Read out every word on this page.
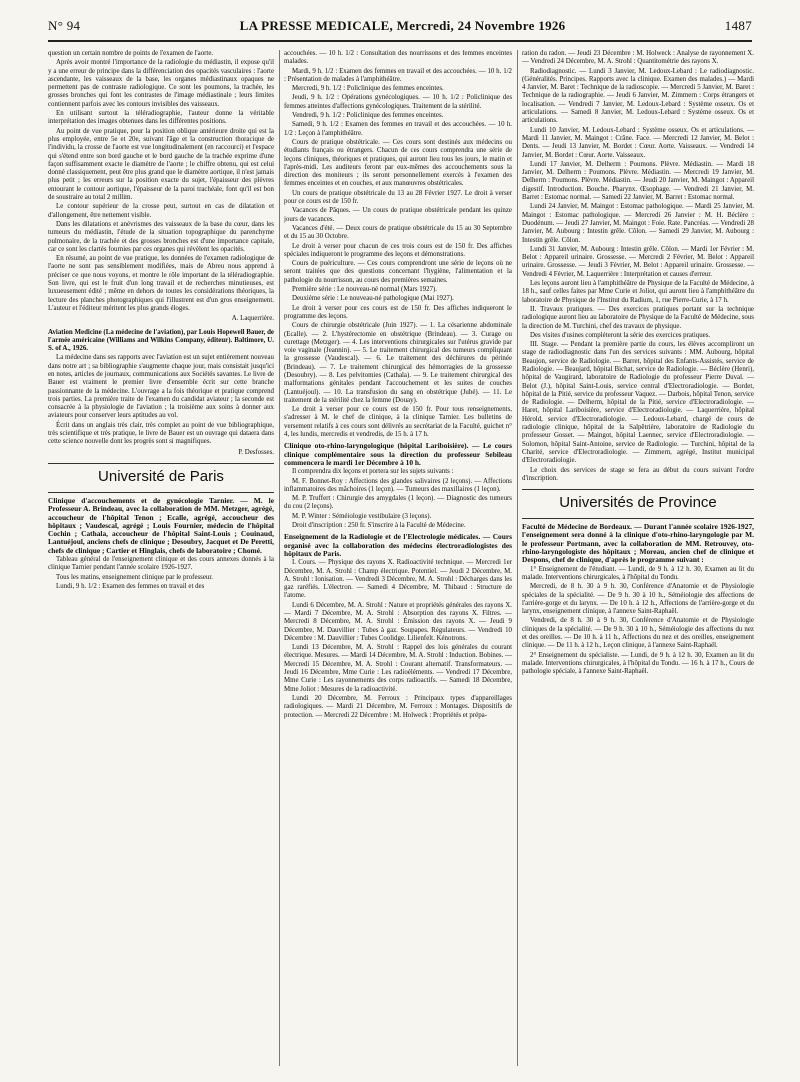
N° 94	LA PRESSE MEDICALE, Mercredi, 24 Novembre 1926	1487

question un certain nombre de points de l'examen de l'aorte.

Après avoir montré l'importance de la radiologie du médiastin, il expose qu'il y a une erreur de principe dans la différenciation des opacités vasculaires : l'aorte ascendante, les vaisseaux de la base, les organes médiastinaux opaques ne permettent pas de contraste radiologique. Ce sont les poumons, la trachée, les grosses bronches qui font les contrastes de l'image médiastinale ; leurs limites contiennent parfois avec les contours invisibles des vaisseaux.

En utilisant surtout la téléradiographie, l'auteur donne la véritable interprétation des images obtenues dans les différentes positions.

Au point de vue pratique, pour la position oblique antérieure droite qui est la plus employée, entre 5e et 20e, suivant l'âge et la construction thoracique de l'individu, la crosse de l'aorte est vue longitudinalement (en raccourci) et l'espace qui s'étend entre son bord gauche et le bord gauche de la trachée exprime d'une façon suffisamment exacte le diamètre de l'aorte ; le chiffre obtenu, qui est celui donné classiquement, peut être plus grand que le diamètre aortique, il n'est jamais plus petit ; les erreurs sur la position exacte du sujet, l'épaisseur des plèvres entourant le contour aortique, l'épaisseur de la paroi trachéale, font qu'il est bon de soustraire au total 2 millim.

Le contour supérieur de la crosse peut, surtout en cas de dilatation et d'allongement, être nettement visible.

Dans les dilatations et anévrismes des vaisseaux de la base du cœur, dans les tumeurs du médiastin, l'étude de la situation topographique du parenchyme pulmonaire, de la trachée et des grosses bronches est d'une importance capitale, car ce sont les clartés fournies par ces organes qui révèlent les opacités.

En résumé, au point de vue pratique, les données de l'examen radiologique de l'aorte ne sont pas sensiblement modifiées, mais de Abreu nous apprend à préciser ce que nous voyons, et montre le rôle important de la téléradiographie. Son livre, qui est le fruit d'un long travail et de recherches minutieuses, est luxueusement édité ; même en dehors de toutes les considérations théoriques, la lecture des planches photographiques qui l'illustrent est d'un gros enseignement. L'auteur et l'éditeur méritent les plus grands éloges.

A. Laquerrière.

Aviation Medicine (La médecine de l'aviation), par Louis Hopewell Bauer, de l'armée américaine (Williams and Wilkins Company, éditeur). Baltimore, U. S. of A., 1926.

La médecine dans ses rapports avec l'aviation est un sujet entièrement nouveau dans notre art ; sa bibliographie s'augmente chaque jour, mais consistait jusqu'ici en notes, articles de journaux, communications aux Sociétés savantes. Le livre de Bauer est vraiment le premier livre d'ensemble écrit sur cette branche passionnante de la médecine. L'ouvrage a la fois théorique et pratique comprend trois parties. La première traite de l'examen du candidat aviateur ; la seconde est consacrée à la physiologie de l'aviation ; la troisième aux soins à donner aux aviateurs pour conserver leurs aptitudes au vol.

Écrit dans un anglais très clair, très complet au point de vue bibliographique, très scientifique et très pratique, le livre de Bauer est un ouvrage qui dataera dans cette science nouvelle dont les progrès sont si magnifiques.

P. Desfosses.

Université de Paris

Clinique d'accouchements et de gynécologie Tarnier. — M. le Professeur A. Brindeau, avec la collaboration de MM. Metzger, agrégé, accoucheur de l'hôpital Tenon ; Ecalle, agrégé, accoucheur des hôpitaux ; Vaudescal, agrégé ; Louis Fournier, médecin de l'hôpital Cochin ; Cathala, accoucheur de l'hôpital Saint-Louis ; Couinaud, Lantuéjoul, anciens chefs de clinique ; Desoubry, Jacquet et De Peretti, chefs de clinique ; Cartier et Hinglais, chefs de laboratoire ; Chomé.

Tableau général de l'enseignement clinique et des cours annexes donnés à la clinique Tarnier pendant l'année scolaire 1926-1927.

Tous les matins, enseignement clinique par le professeur.

Lundi, 9 h. 1/2 : Examen des femmes en travail et des

accouchées. — 10 h. 1/2 : Consultation des nourrissons et des femmes enceintes malades.

Mardi, 9 h. 1/2 : Examen des femmes en travail et des accouchées. — 10 h. 1/2 : Présentation de malades à l'amphithéâtre.

Mercredi, 9 h. 1/2 : Policlinique des femmes enceintes.

Jeudi, 9 h. 1/2 : Opérations gynécologiques. — 10 h. 1/2 : Policlinique des femmes atteintes d'affections gynécologiques. Traitement de la stérilité.

Vendredi, 9 h. 1/2 : Policlinique des femmes enceintes.

Samedi, 9 h. 1/2 : Examen des femmes en travail et des accouchées. — 10 h. 1/2 : Leçon à l'amphithéâtre.

Cours de pratique obstétricale. — Ces cours sont destinés aux médecins ou étudiants français ou étrangers. Chacun de ces cours comprendra une série de leçons cliniques, théoriques et pratiques, qui auront lieu tous les jours, le matin et l'après-midi. Les auditeurs feront par eux-mêmes des accouchements sous la direction des moniteurs ; ils seront personnellement exercés à l'examen des femmes enceintes et en couches, et aux manœuvres obstétricales.

Un cours de pratique obstétricale du 13 au 28 Février 1927. Le droit à verser pour ce cours est de 150 fr.

Vacances de Pâques. — Un cours de pratique obstétricale pendant les quinze jours de vacances.

Vacances d'été. — Deux cours de pratique obstétricale du 15 au 30 Septembre et du 15 au 30 Octobre.

Le droit à verser pour chacun de ces trois cours est de 150 fr. Des affiches spéciales indiqueront le programme des leçons et démonstrations.

Cours de puériculture. — Ces cours comprendront une série de leçons où ne seront traitées que des questions concernant l'hygiène, l'alimentation et la pathologie du nourrisson, au cours des premières semaines.

Première série : Le nouveau-né normal (Mars 1927).

Deuxième série : Le nouveau-né pathologique (Mai 1927).

Le droit à verser pour ces cours est de 150 fr. Des affiches indiqueront le programme des leçons.

Cours de chirurgie obstétricale (Juin 1927). — 1. La césarienne abdominale (Ecalle). — 2. L'hystérectomie en obstétrique (Brindeau). — 3. Curage ou curettage (Metzger). — 4. Les interventions chirurgicales sur l'utérus gravide par voie vaginale (Jeannin). — 5. Le traitement chirurgical des tumeurs compliquant la grossesse (Vaudescal). — 6. Le traitement des déchirures du périnée (Brindeau). — 7. Le traitement chirurgical des hémorragies de la grossesse (Desoubry). — 8. Les pelvitomies (Cathala). — 9. Le traitement chirurgical des malformations génitales pendant l'accouchement et les suites de couches (Lantuéjoul). — 10. La transfusion du sang en obstétrique (Jubé). — 11. Le traitement de la stérilité chez la femme (Douay).

Le droit à verser pour ce cours est de 150 fr. Pour tous renseignements, s'adresser à M. le chef de clinique, à la clinique Tarnier. Les bulletins de versement relatifs à ces cours sont délivrés au secrétariat de la Faculté, guichet n° 4, les lundis, mercredis et vendredis, de 15 h. à 17 h.

Clinique oto-rhino-laryngologique (hôpital Lariboisière). — Le cours clinique complémentaire sous la direction du professeur Sebileau commencera le mardi 1er Décembre à 10 h.

Il comprendra dix leçons et portera sur les sujets suivants :

M. F. Bonnet-Roy : Affections des glandes salivaires (2 leçons). — Affections inflammatoires des mâchoires (1 leçon). — Tumeurs des maxillaires (1 leçon).

M. P. Truffert : Chirurgie des amygdales (1 leçon). — Diagnostic des tumeurs du cou (2 leçons).

M. P. Winter : Séméiologie vestibulaire (3 leçons).

Droit d'inscription : 250 fr. S'inscrire à la Faculté de Médecine.

Enseignement de la Radiologie et de l'Electrologie médicales. — Cours organisé avec la collaboration des médecins électroradiologistes des hôpitaux de Paris.

I. Cours. — Physique des rayons X. Radioactivité technique. — Mercredi 1er Décembre, M. A. Strohl : Champ électrique. Potentiel. — Jeudi 2 Décembre, M. A. Strohl : Ionisation. — Vendredi 3 Décembre, M. A. Strohl : Décharges dans les gaz raréfiés. L'électron. — Samedi 4 Décembre, M. Thibaud : Structure de l'atome.

Lundi 6 Décembre, M. A. Strohl : Nature et propriétés générales des rayons X. — Mardi 7 Décembre, M. A. Strohl : Absorption des rayons X. Filtres. — Mercredi 8 Décembre, M. A. Strohl : Émission des rayons X. — Jeudi 9 Décembre, M. Dauvillier : Tubes à gaz. Soupapes. Régulateurs. — Vendredi 10 Décembre : M. Dauvillier : Tubes Coolidge. Lilienfelt. Kénotrons.

Lundi 13 Décembre, M. A. Strohl : Rappel des lois générales du courant électrique. Mesures. — Mardi 14 Décembre, M. A. Strohl : Induction. Bobines. — Mercredi 15 Décembre, M. A. Strohl : Courant alternatif. Transformateurs. — Jeudi 16 Décembre, Mme Curie : Les radioéléments. — Vendredi 17 Décembre, Mme Curie : Les rayonnements des corps radioactifs. — Samedi 18 Décembre, Mme Joliot : Mesures de la radioactivité.

Lundi 20 Décembre, M. Ferroux : Principaux types d'appareillages radiologiques. — Mardi 21 Décembre, M. Ferroux : Montages. Dispositifs de protection. — Mercredi 22 Décembre : M. Holweck : Propriétés et prépa-

ration du radon. — Jeudi 23 Décembre : M. Holweck : Analyse de rayonnement X. — Vendredi 24 Décembre, M. A. Strohl : Quantitométrie des rayons X.

Radiodiagnostic. — Lundi 3 Janvier, M. Ledoux-Lebard : Le radiodiagnostic. (Généralités. Principes. Rapports avec la clinique. Examen des malades.) — Mardi 4 Janvier, M. Baret : Technique de la radioscopie. — Mercredi 5 Janvier, M. Baret : Technique de la radiographie. — Jeudi 6 Janvier, M. Zimmern : Corps étrangers et localisation. — Vendredi 7 Janvier, M. Ledoux-Lebard : Système osseux. Os et articulations. — Samedi 8 Janvier, M. Ledoux-Lebard : Système osseux. Os et articulations.

Lundi 10 Janvier, M. Ledoux-Lebard : Système osseux. Os et articulations. — Mardi 11 Janvier, M. Maingot : Crâne. Face. — Mercredi 12 Janvier, M. Belot : Dents. — Jeudi 13 Janvier, M. Bordet : Cœur. Aorte. Vaisseaux. — Vendredi 14 Janvier, M. Bordet : Cœur. Aorte. Vaisseaux.

Lundi 17 Janvier, M. Delherm : Poumons. Plèvre. Médiastin. — Mardi 18 Janvier, M. Delherm : Poumons. Plèvre. Médiastin. — Mercredi 19 Janvier, M. Delherm : Poumons. Plèvre. Médiastin. — Jeudi 20 Janvier, M. Maingot : Appareil digestif. Introduction. Bouche. Pharynx. Œsophage. — Vendredi 21 Janvier, M. Barret : Estomac normal. — Samedi 22 Janvier, M. Barret : Estomac normal.

Lundi 24 Janvier, M. Maingot : Estomac pathologique. — Mardi 25 Janvier, M. Maingot : Estomac pathologique. — Mercredi 26 Janvier : M. H. Béclère : Duodénum. — Jeudi 27 Janvier, M. Maingot : Foie. Rate. Pancréas. — Vendredi 28 Janvier, M. Aubourg : Intestin grêle. Côlon. — Samedi 29 Janvier, M. Aubourg : Intestin grêle. Côlon.

Lundi 31 Janvier, M. Aubourg : Intestin grêle. Côlon. — Mardi 1er Février : M. Belot : Appareil urinaire. Grossesse. — Mercredi 2 Février, M. Belot : Appareil urinaire. Grossesse. — Jeudi 3 Février, M. Belot : Appareil urinaire. Grossesse. — Vendredi 4 Février, M. Laquerrière : Interprétation et causes d'erreur.

Les leçons auront lieu à l'amphithéâtre de Physique de la Faculté de Médecine, à 18 h., sauf celles faites par Mme Curie et Joliot, qui auront lieu à l'amphithéâtre du laboratoire de Physique de l'Institut du Radium, 1, rue Pierre-Curie, à 17 h.

II. Travaux pratiques. — Des exercices pratiques portant sur la technique radiologique auront lieu au laboratoire de Physique de la Faculté de Médecine, sous la direction de M. Turchini, chef des travaux de physique.

Des visites d'usines compléteront la série des exercices pratiques.

III. Stage. — Pendant la première partie du cours, les élèves accompliront un stage de radiodiagnostic dans l'un des services suivants : MM. Aubourg, hôpital Beaujon, service de Radiologie. — Barret, hôpital des Enfants-Assistés, service de Radiologie. — Beaujard, hôpital Bichat, service de Radiologie. — Béclère (Henri), hôpital de Vaugirard, laboratoire de Radiologie du professeur Pierre Duval. — Belot (J.), hôpital Saint-Louis, service central d'Electroradiologie. — Bordet, hôpital de la Pitié, service du professeur Vaquez. — Darbois, hôpital Tenon, service de Radiologie. — Delherm, hôpital de la Pitié, service d'Electroradiologie. — Haret, hôpital Lariboisière, service d'Electroradiologie. — Laquerrière, hôpital Hérold, service d'Electroradiologie. — Ledoux-Lebard, chargé de cours de radiologie clinique, hôpital de la Salpêtrière, laboratoire de Radiologie du professeur Gosset. — Maingot, hôpital Laennec, service d'Electroradiologie. — Solomon, hôpital Saint-Antoine, service de Radiologie. — Turchini, hôpital de la Charité, service d'Electroradiologie. — Zimmern, agrégé, Institut municipal d'Electroradiologie.

Le choix des services de stage se fera au début du cours suivant l'ordre d'inscription.

Universités de Province

Faculté de Médecine de Bordeaux. — Durant l'année scolaire 1926-1927, l'enseignement sera donné à la clinique d'oto-rhino-laryngologie par M. le professeur Portmann, avec la collaboration de MM. Retrouvey, oto-rhino-laryngologiste des hôpitaux ; Moreau, ancien chef de clinique et Despons, chef de clinique, d'après le programme suivant :

1° Enseignement de l'étudiant. — Lundi, de 9 h. à 12 h. 30, Examen au lit du malade. Interventions chirurgicales, à l'hôpital du Tondu.

Mercredi, de 8 h. 30 à 9 h. 30, Conférence d'Anatomie et de Physiologie spéciales de la spécialité. — De 9 h. 30 à 10 h., Séméiologie des affections de l'arrière-gorge et du larynx. — De 10 h. à 12 h., Affections de l'arrière-gorge et du larynx, enseignement clinique, à l'annexe Saint-Raphaël.

Vendredi, de 8 h. 30 à 9 h. 30, Conférence d'Anatomie et de Physiologie cliniques de la spécialité. — De 9 h. 30 à 10 h., Séméiologie des affections du nez et des oreilles. — De 10 h. à 11 h., Affections du nez et des oreilles, enseignement clinique. — De 11 h. à 12 h., Leçon clinique, à l'annexe Saint-Raphaël.

2° Enseignement du spécialiste. — Lundi, de 9 h. à 12 h. 30, Examen au lit du malade. Interventions chirurgicales, à l'hôpital du Tondu. — 16 h. à 17 h., Cours de pathologie spéciale, à l'annexe Saint-Raphaël.
